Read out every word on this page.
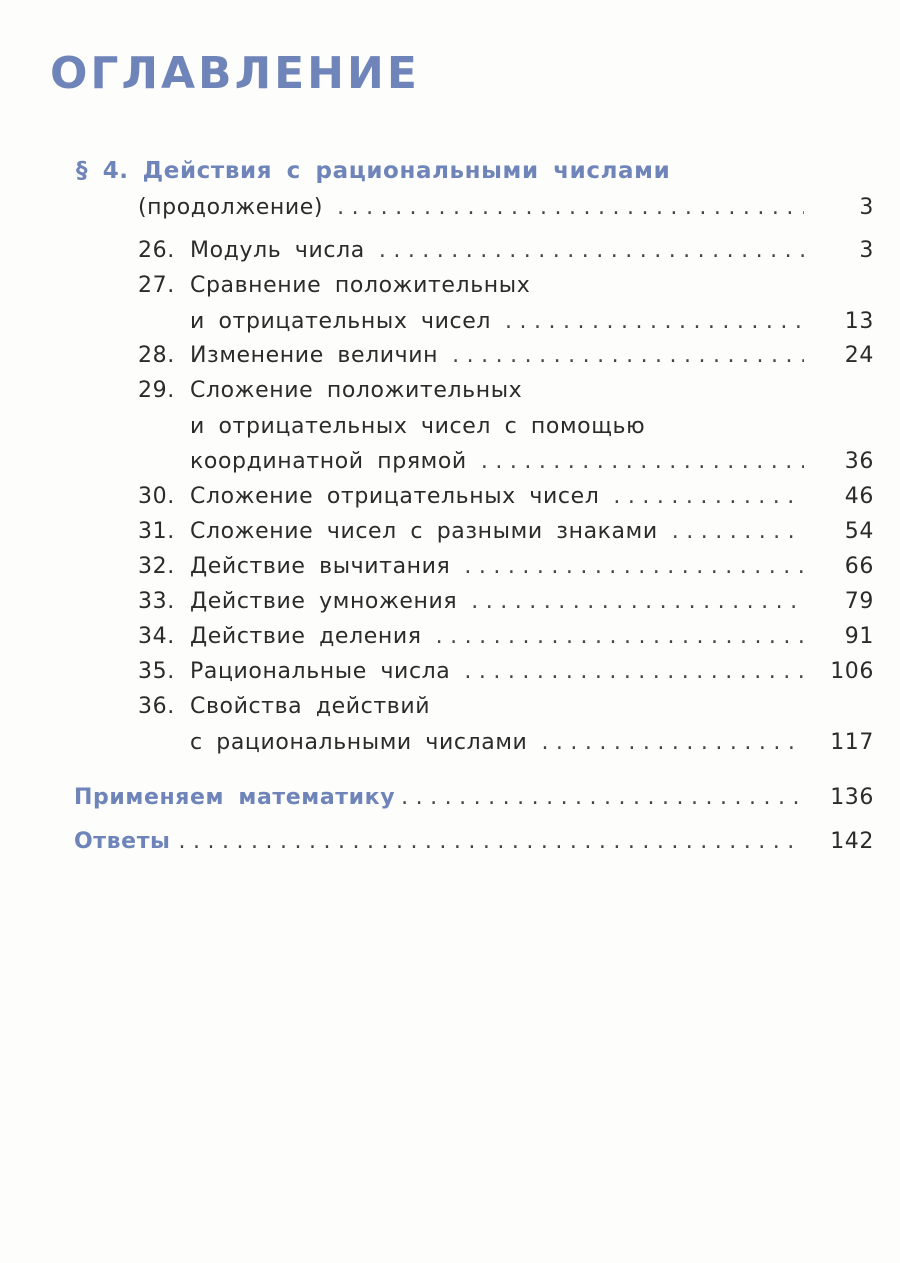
ОГЛАВЛЕНИЕ
§ 4. Действия с рациональными числами
(продолжение) .....	3
26. Модуль числа .....	3
27. Сравнение положительных
и отрицательных чисел .....	13
28. Изменение величин .....	24
29. Сложение положительных
и отрицательных чисел с помощью
координатной прямой .....	36
30. Сложение отрицательных чисел .....	46
31. Сложение чисел с разными знаками .....	54
32. Действие вычитания .....	66
33. Действие умножения .....	79
34. Действие деления .....	91
35. Рациональные числа .....	106
36. Свойства действий
с рациональными числами .....	117
Применяем математику .....	136
Ответы .....	142
